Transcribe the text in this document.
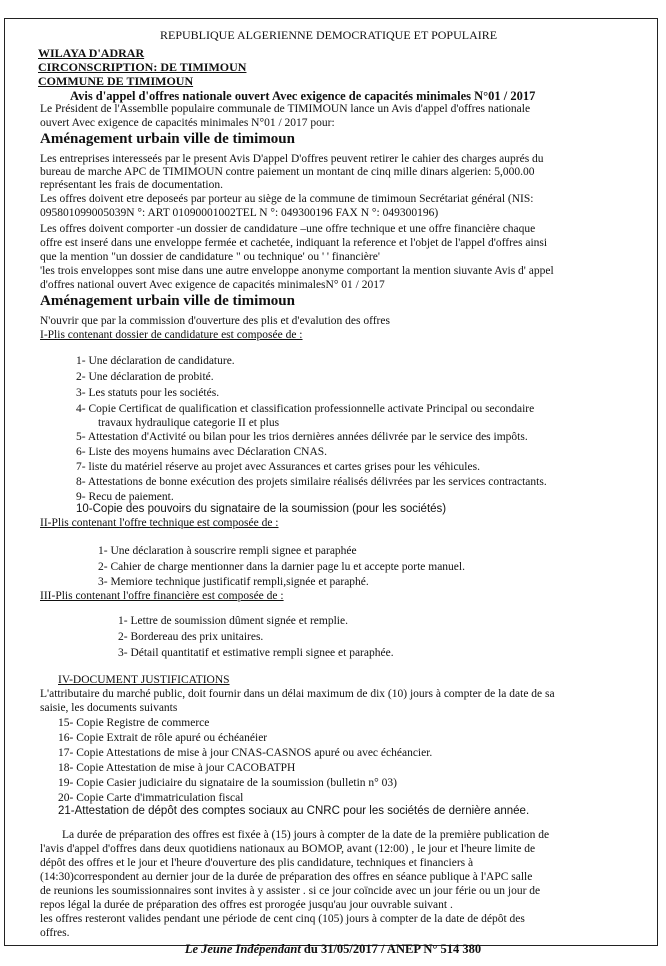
REPUBLIQUE ALGERIENNE DEMOCRATIQUE ET POPULAIRE
WILAYA D'ADRAR
CIRCONSCRIPTION: DE TIMIMOUN
COMMUNE DE TIMIMOUN
Avis d'appel d'offres nationale ouvert Avec exigence de capacités minimales N°01 / 2017
Le Président de l'Assemblle populaire communale de TIMIMOUN lance un Avis d'appel d'offres nationale
ouvert Avec exigence de capacités minimales N°01 / 2017 pour:
Aménagement urbain ville de timimoun
Les entreprises interesseés par le present Avis D'appel D'offres peuvent retirer le cahier des charges auprés du
bureau de marche APC de TIMIMOUN contre paiement un montant de cinq mille dinars algerien: 5,000.00
représentant les frais de documentation.
Les offres doivent etre deposeés par porteur au siège de la commune de timimoun Secrétariat général (NIS:
095801099005039N °: ART 01090001002TEL N °: 049300196 FAX N °: 049300196)
Les offres doivent comporter -un dossier de candidature –une offre technique et une offre financière chaque
offre est inseré dans une enveloppe fermée et cachetée, indiquant la reference et l'objet de l'appel d'offres ainsi
que la mention "un dossier de candidature " ou technique' ou ' ' financière'
'les trois enveloppes sont mise dans une autre enveloppe anonyme comportant la mention siuvante Avis d' appel
d'offres national ouvert Avec exigence de capacités minimalesN° 01 / 2017
Aménagement urbain ville de timimoun
N'ouvrir que par la commission d'ouverture des plis et d'evalution des offres
I-Plis contenant dossier de candidature est composée de :
1- Une déclaration de candidature.
2- Une déclaration de probité.
3- Les statuts pour les sociétés.
4- Copie Certificat de qualification et classification professionnelle activate Principal ou secondaire
travaux hydraulique categorie II et plus
5- Attestation d'Activité ou bilan pour les trios dernières années délivrée par le service des impôts.
6- Liste des moyens humains avec Déclaration CNAS.
7- liste du matériel réserve au projet avec Assurances et cartes grises pour les véhicules.
8- Attestations de bonne exécution des projets similaire réalisés délivrées par les services contractants.
9- Recu de paiement.
10-Copie des pouvoirs du signataire de la soumission (pour les sociétés)
II-Plis contenant l'offre technique est composée de :
1- Une déclaration à souscrire rempli signee et paraphée
2- Cahier de charge mentionner dans la darnier page lu et accepte porte manuel.
3- Memiore technique justificatif rempli,signée et paraphé.
III-Plis contenant l'offre financière est composée de :
1- Lettre de soumission dûment signée et remplie.
2- Bordereau des prix unitaires.
3- Détail quantitatif et estimative rempli signee et paraphée.
IV-DOCUMENT JUSTIFICATIONS
L'attributaire du marché public, doit fournir dans un délai maximum de dix (10) jours à compter de la date de sa
saisie, les documents suivants
15- Copie Registre de commerce
16- Copie Extrait de rôle apuré ou échéanéier
17- Copie Attestations de mise à jour CNAS-CASNOS apuré ou avec échéancier.
18- Copie Attestation de mise à jour CACOBATPH
19- Copie Casier judiciaire du signataire de la soumission (bulletin n° 03)
20- Copie Carte d'immatriculation fiscal
21-Attestation de dépôt des comptes sociaux au CNRC pour les sociétés de dernière année.
La durée de préparation des offres est fixée à (15) jours à compter de la date de la première publication de
l'avis d'appel d'offres dans deux quotidiens nationaux au BOMOP, avant (12:00) , le jour et l'heure limite de
dépôt des offres et le jour et l'heure d'ouverture des plis candidature, techniques et financiers à
(14:30)correspondent au dernier jour de la durée de préparation des offres en séance publique à l'APC salle
de reunions les soumissionnaires sont invites à y assister . si ce jour coïncide avec un jour férie ou un jour de
repos légal la durée de préparation des offres est prorogée jusqu'au jour ouvrable suivant .
les offres resteront valides pendant une période de cent cinq (105) jours à compter de la date de dépôt des
offres.
Le Jeune Indépendant du 31/05/2017 / ANEP N° 514 380
